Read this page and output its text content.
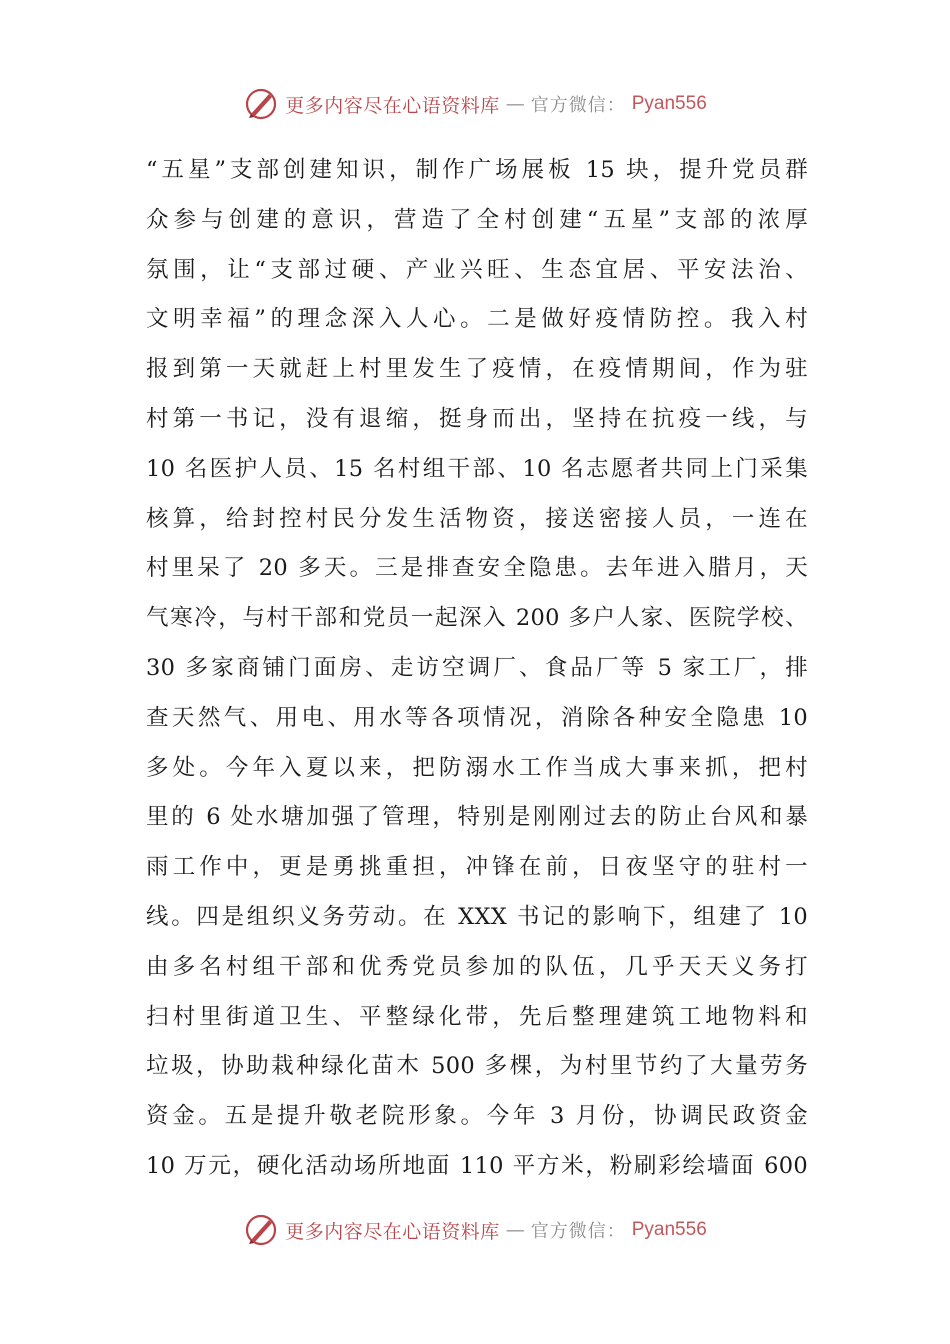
更多内容尽在心语资料库 — 官方微信： Pyan556
“五星”支部创建知识，制作广场展板 15 块，提升党员群
众参与创建的意识，营造了全村创建“五星”支部的浓厚
氛围，让“支部过硬、产业兴旺、生态宜居、平安法治、
文明幸福”的理念深入人心。二是做好疫情防控。我入村
报到第一天就赶上村里发生了疫情，在疫情期间，作为驻
村第一书记，没有退缩，挺身而出，坚持在抗疫一线，与
10 名医护人员、15 名村组干部、10 名志愿者共同上门采集
核算，给封控村民分发生活物资，接送密接人员，一连在
村里呆了 20 多天。三是排查安全隐患。去年进入腊月，天
气寒冷，与村干部和党员一起深入 200 多户人家、医院学校、
30 多家商铺门面房、走访空调厂、食品厂等 5 家工厂，排
查天然气、用电、用水等各项情况，消除各种安全隐患 10
多处。今年入夏以来，把防溺水工作当成大事来抓，把村
里的 6 处水塘加强了管理，特别是刚刚过去的防止台风和暴
雨工作中，更是勇挑重担，冲锋在前，日夜坚守的驻村一
线。四是组织义务劳动。在 XXX 书记的影响下，组建了 10
由多名村组干部和优秀党员参加的队伍，几乎天天义务打
扫村里街道卫生、平整绿化带，先后整理建筑工地物料和
垃圾，协助栽种绿化苗木 500 多棵，为村里节约了大量劳务
资金。五是提升敬老院形象。今年 3 月份，协调民政资金
10 万元，硬化活动场所地面 110 平方米，粉刷彩绘墙面 600
更多内容尽在心语资料库 — 官方微信： Pyan556
